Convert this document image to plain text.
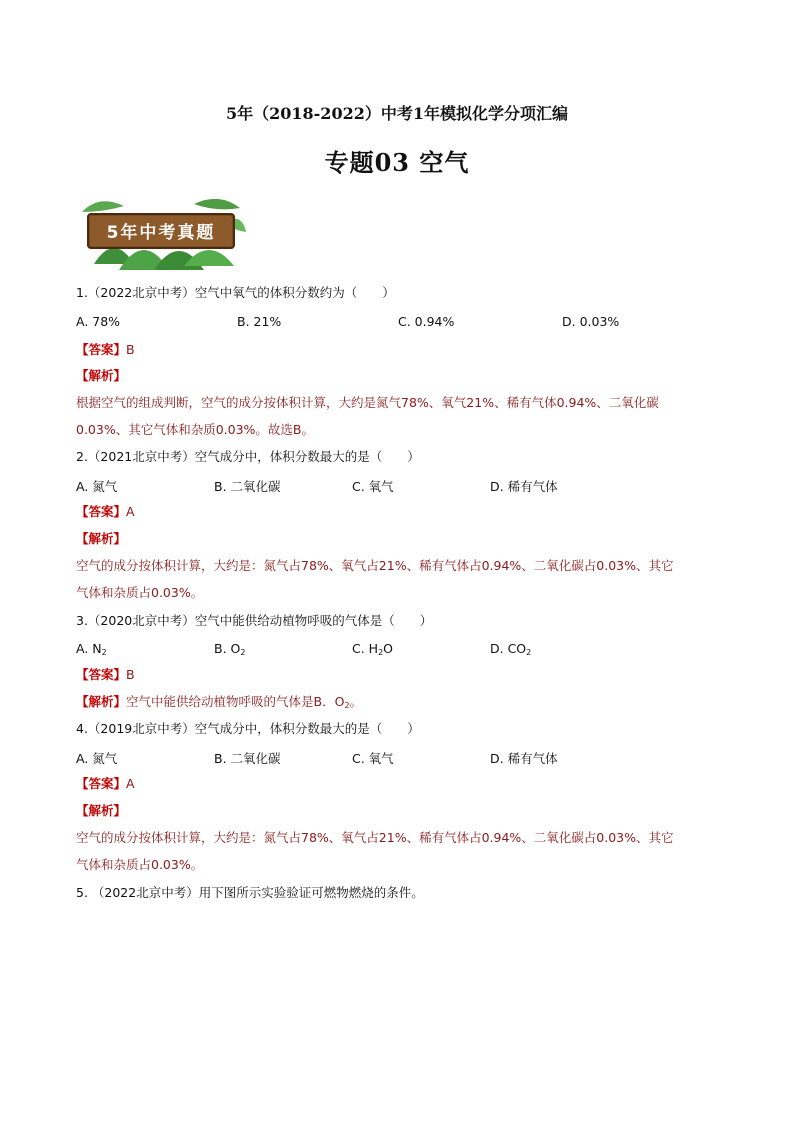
5年（2018-2022）中考1年模拟化学分项汇编
专题03 空气
5年中考真题
1.（2022北京中考）空气中氧气的体积分数约为（　　）
A. 78%	B. 21%	C. 0.94%	D. 0.03%
【答案】B
【解析】
根据空气的组成判断，空气的成分按体积计算，大约是氮气78%、氧气21%、稀有气体0.94%、二氧化碳
0.03%、其它气体和杂质0.03%。故选B。
2.（2021北京中考）空气成分中，体积分数最大的是（　　）
A. 氮气	B. 二氧化碳	C. 氧气	D. 稀有气体
【答案】A
【解析】
空气的成分按体积计算，大约是：氮气占78%、氧气占21%、稀有气体占0.94%、二氧化碳占0.03%、其它
气体和杂质占0.03%。
3.（2020北京中考）空气中能供给动植物呼吸的气体是（　　）
A. $N_2$	B. $O_2$	C. $H_2O$	D. $CO_2$
【答案】B
【解析】空气中能供给动植物呼吸的气体是B．$O_2$。
4.（2019北京中考）空气成分中，体积分数最大的是（　　）
A. 氮气	B. 二氧化碳	C. 氧气	D. 稀有气体
【答案】A
【解析】
空气的成分按体积计算，大约是：氮气占78%、氧气占21%、稀有气体占0.94%、二氧化碳占0.03%、其它
气体和杂质占0.03%。
5. （2022北京中考）用下图所示实验验证可燃物燃烧的条件。
